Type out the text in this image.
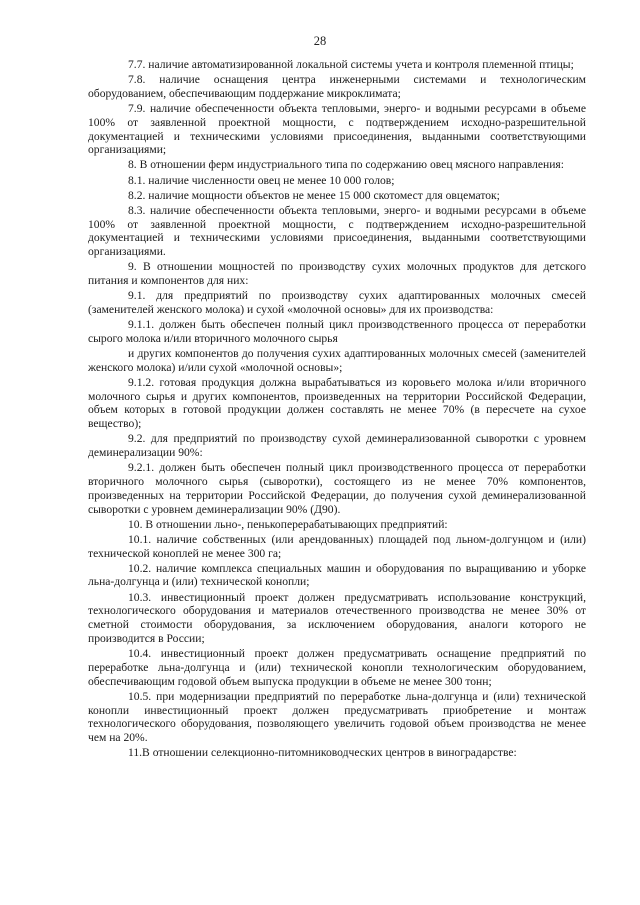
28

7.7. наличие автоматизированной локальной системы учета и контроля племенной птицы;

7.8. наличие оснащения центра инженерными системами и технологическим оборудованием, обеспечивающим поддержание микроклимата;

7.9. наличие обеспеченности объекта тепловыми, энерго- и водными ресурсами в объеме 100% от заявленной проектной мощности, с подтверждением исходно-разрешительной документацией и техническими условиями присоединения, выданными соответствующими организациями;

8. В отношении ферм индустриального типа по содержанию овец мясного направления:

8.1. наличие численности овец не менее 10 000 голов;

8.2. наличие мощности объектов не менее 15 000 скотомест для овцематок;

8.3. наличие обеспеченности объекта тепловыми, энерго- и водными ресурсами в объеме 100% от заявленной проектной мощности, с подтверждением исходно-разрешительной документацией и техническими условиями присоединения, выданными соответствующими организациями.

9. В отношении мощностей по производству сухих молочных продуктов для детского питания и компонентов для них:

9.1. для предприятий по производству сухих адаптированных молочных смесей (заменителей женского молока) и сухой «молочной основы» для их производства:

9.1.1. должен быть обеспечен полный цикл производственного процесса от переработки сырого молока и/или вторичного молочного сырья

и других компонентов до получения сухих адаптированных молочных смесей (заменителей женского молока) и/или сухой «молочной основы»;

9.1.2. готовая продукция должна вырабатываться из коровьего молока и/или вторичного молочного сырья и других компонентов, произведенных на территории Российской Федерации, объем которых в готовой продукции должен составлять не менее 70% (в пересчете на сухое вещество);

9.2. для предприятий по производству сухой деминерализованной сыворотки с уровнем деминерализации 90%:

9.2.1. должен быть обеспечен полный цикл производственного процесса от переработки вторичного молочного сырья (сыворотки), состоящего из не менее 70% компонентов, произведенных на территории Российской Федерации, до получения сухой деминерализованной сыворотки с уровнем деминерализации 90% (Д90).

10. В отношении льно-, пенькоперерабатывающих предприятий:

10.1. наличие собственных (или арендованных) площадей под льном-долгунцом и (или) технической коноплей не менее 300 га;

10.2. наличие комплекса специальных машин и оборудования по выращиванию и уборке льна-долгунца и (или) технической конопли;

10.3. инвестиционный проект должен предусматривать использование конструкций, технологического оборудования и материалов отечественного производства не менее 30% от сметной стоимости оборудования, за исключением оборудования, аналоги которого не производится в России;

10.4. инвестиционный проект должен предусматривать оснащение предприятий по переработке льна-долгунца и (или) технической конопли технологическим оборудованием, обеспечивающим годовой объем выпуска продукции в объеме не менее 300 тонн;

10.5. при модернизации предприятий по переработке льна-долгунца и (или) технической конопли инвестиционный проект должен предусматривать приобретение и монтаж технологического оборудования, позволяющего увеличить годовой объем производства не менее чем на 20%.

11.В отношении селекционно-питомниководческих центров в виноградарстве:
